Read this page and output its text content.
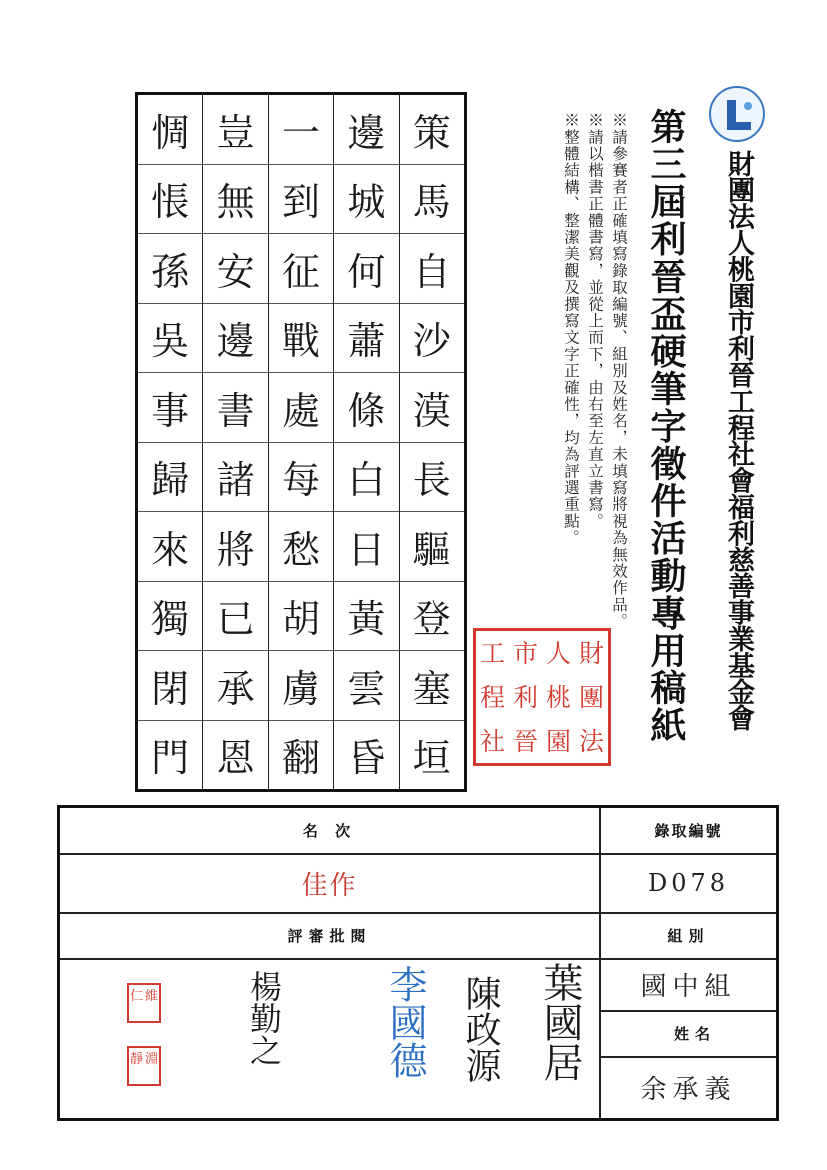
財團法人桃園市利晉工程社會福利慈善事業基金會
第三屆利晉盃硬筆字徵件活動專用稿紙
※請參賽者正確填寫錄取編號、組別及姓名，未填寫將視為無效作品。
※請以楷書正體書寫，並從上而下，由右至左直立書寫。
※整體結構、整潔美觀及撰寫文字正確性，均為評選重點。
策
馬
自
沙
漠
長
驅
登
塞
垣
邊
城
何
蕭
條
白
日
黃
雲
昏
一
到
征
戰
處
每
愁
胡
虜
翻
豈
無
安
邊
書
諸
將
已
承
恩
惆
悵
孫
吳
事
歸
來
獨
閉
門
財
團
法
人
桃
園
市
利
晉
工
程
社
名 次	錄取編號
佳作	D078
評審批閱	組別
國中組
姓名
余承義
維
仁
淵
靜	楊勤之	李國德 陳政源 葉國居
